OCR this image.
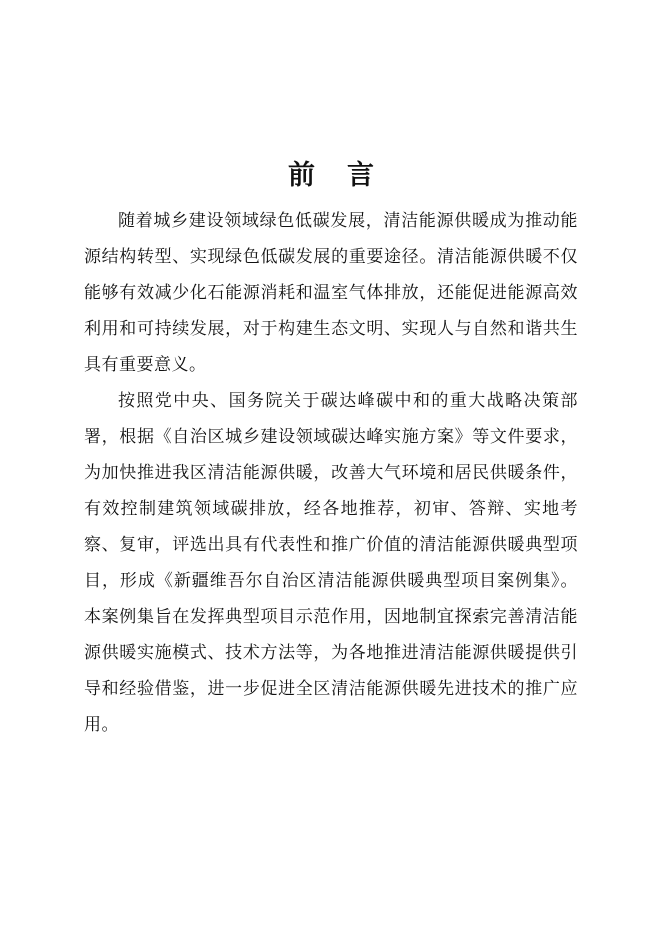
前言

随着城乡建设领域绿色低碳发展，清洁能源供暖成为推动能源结构转型、实现绿色低碳发展的重要途径。清洁能源供暖不仅能够有效减少化石能源消耗和温室气体排放，还能促进能源高效利用和可持续发展，对于构建生态文明、实现人与自然和谐共生具有重要意义。

按照党中央、国务院关于碳达峰碳中和的重大战略决策部署，根据《自治区城乡建设领域碳达峰实施方案》等文件要求，为加快推进我区清洁能源供暖，改善大气环境和居民供暖条件，有效控制建筑领域碳排放，经各地推荐，初审、答辩、实地考察、复审，评选出具有代表性和推广价值的清洁能源供暖典型项目，形成《新疆维吾尔自治区清洁能源供暖典型项目案例集》。本案例集旨在发挥典型项目示范作用，因地制宜探索完善清洁能源供暖实施模式、技术方法等，为各地推进清洁能源供暖提供引导和经验借鉴，进一步促进全区清洁能源供暖先进技术的推广应用。
